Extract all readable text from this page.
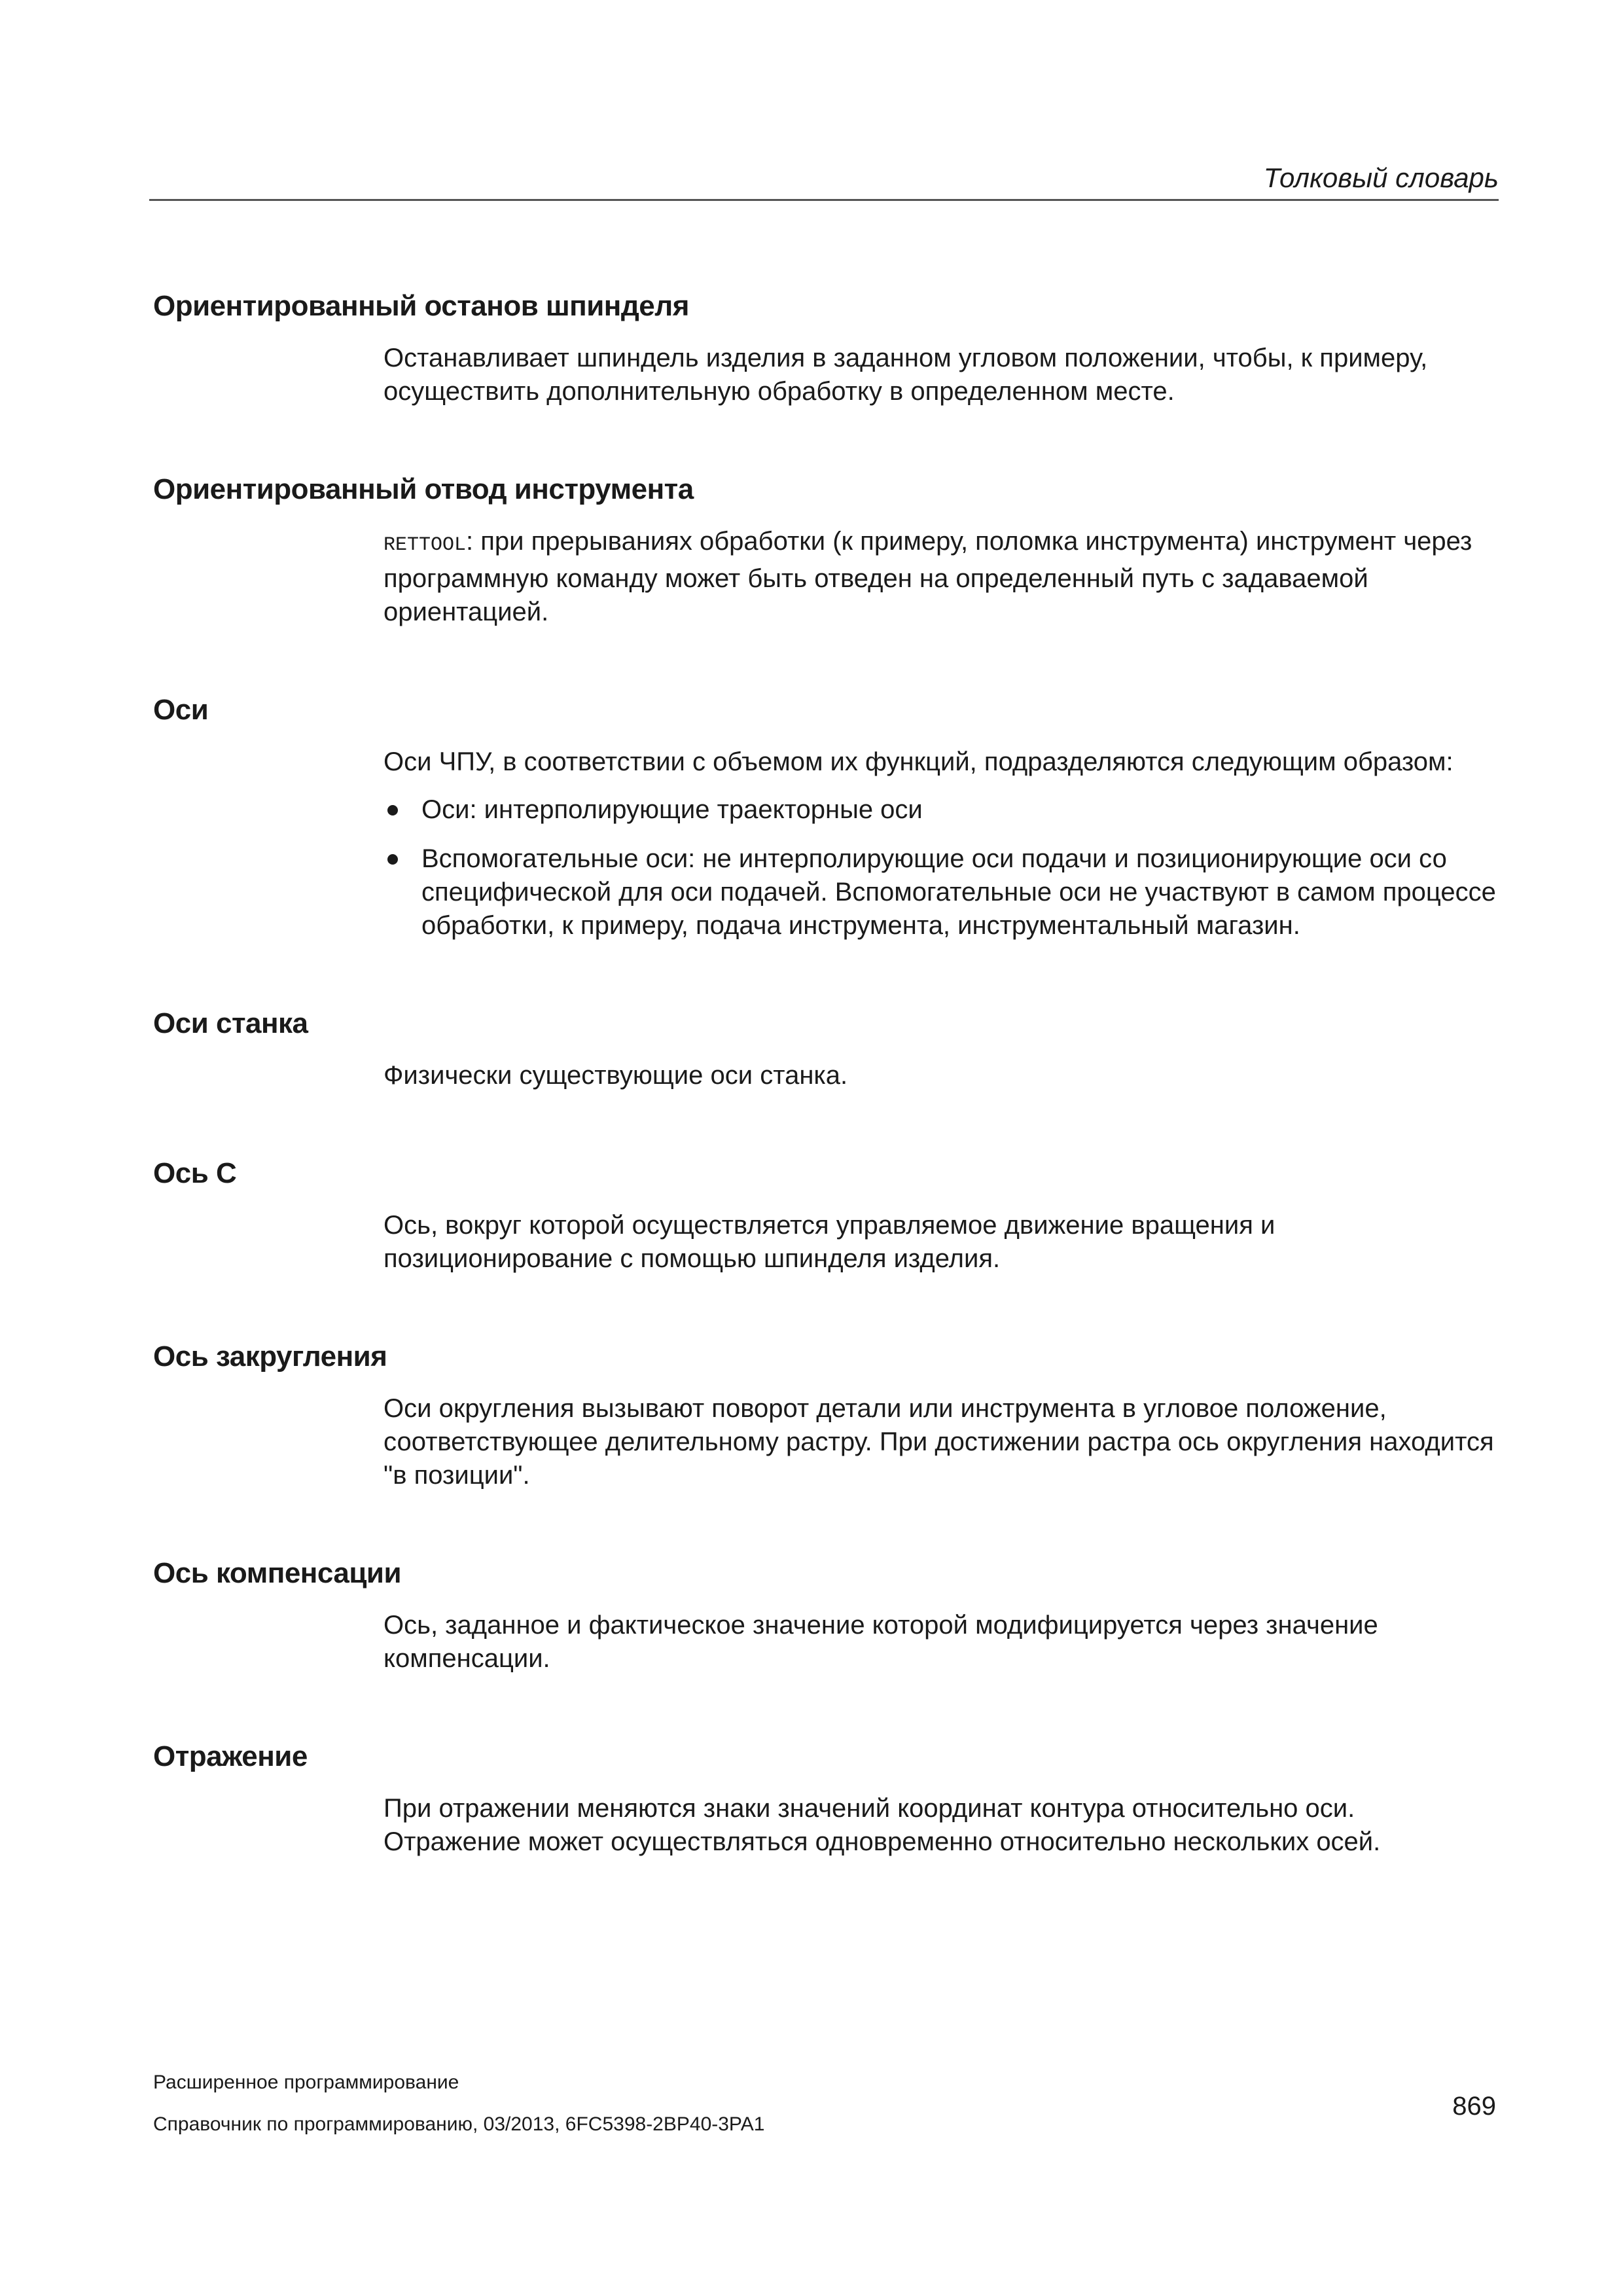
Толковый словарь
Ориентированный останов шпинделя

Останавливает шпиндель изделия в заданном угловом положении, чтобы, к примеру, осуществить дополнительную обработку в определенном месте.

Ориентированный отвод инструмента

RETTOOL: при прерываниях обработки (к примеру, поломка инструмента) инструмент через программную команду может быть отведен на определенный путь с задаваемой ориентацией.

Оси

Оси ЧПУ, в соответствии с объемом их функций, подразделяются следующим образом:

Оси: интерполирующие траекторные оси
Вспомогательные оси: не интерполирующие оси подачи и позиционирующие оси со специфической для оси подачей. Вспомогательные оси не участвуют в самом процессе обработки, к примеру, подача инструмента, инструментальный магазин.
Оси станка

Физически существующие оси станка.

Ось C

Ось, вокруг которой осуществляется управляемое движение вращения и позиционирование с помощью шпинделя изделия.

Ось закругления

Оси округления вызывают поворот детали или инструмента в угловое положение, соответствующее делительному растру. При достижении растра ось округления находится "в позиции".

Ось компенсации

Ось, заданное и фактическое значение которой модифицируется через значение компенсации.

Отражение

При отражении меняются знаки значений координат контура относительно оси. Отражение может осуществляться одновременно относительно нескольких осей.

Расширенное программирование
Справочник по программированию, 03/2013, 6FC5398-2BP40-3PA1
869
